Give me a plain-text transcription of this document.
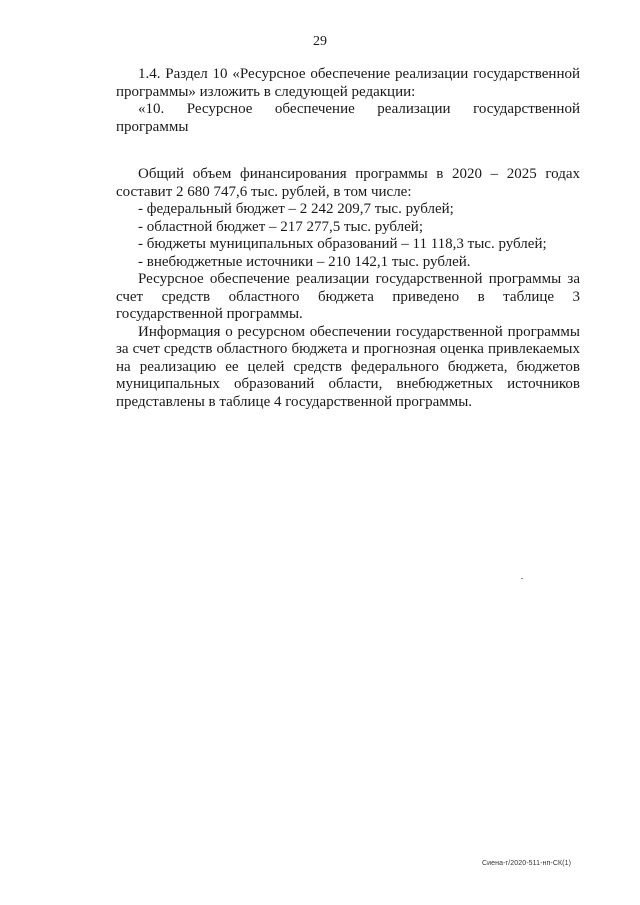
29

1.4. Раздел 10 «Ресурсное обеспечение реализации государственной программы» изложить в следующей редакции:

«10. Ресурсное обеспечение реализации государственной программы

Общий объем финансирования программы в 2020 – 2025 годах составит 2 680 747,6 тыс. рублей, в том числе:

- федеральный бюджет – 2 242 209,7 тыс. рублей;

- областной бюджет – 217 277,5 тыс. рублей;

- бюджеты муниципальных образований – 11 118,3 тыс. рублей;

- внебюджетные источники – 210 142,1 тыс. рублей.

Ресурсное обеспечение реализации государственной программы за счет средств областного бюджета приведено в таблице 3 государственной программы.

Информация о ресурсном обеспечении государственной программы за счет средств областного бюджета и прогнозная оценка привлекаемых на реализацию ее целей средств федерального бюджета, бюджетов муниципальных образований области, внебюджетных источников представлены в таблице 4 государственной программы.

Сиена-г/2020-511-нп-СК(1)
